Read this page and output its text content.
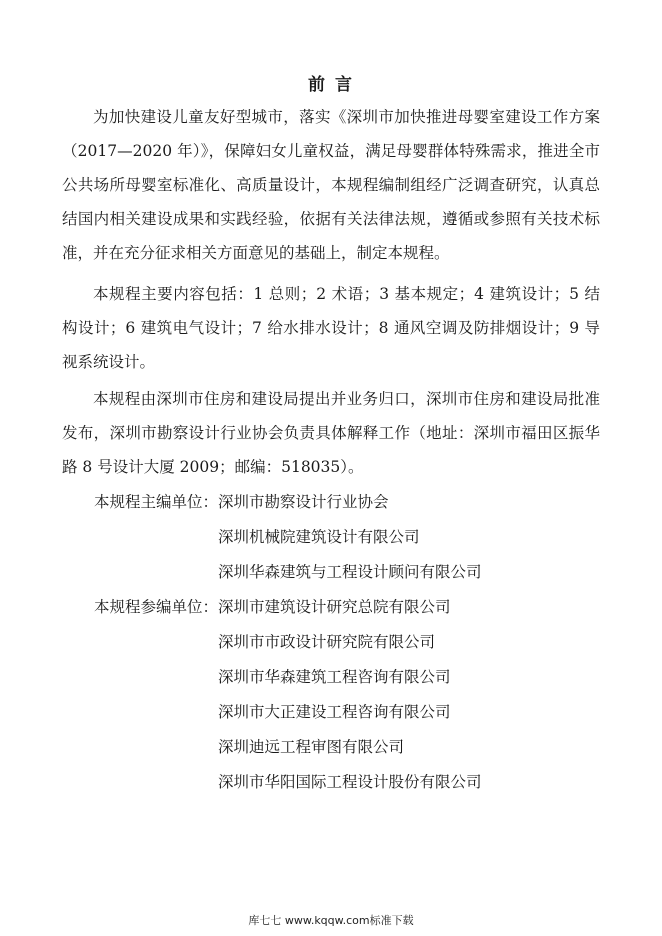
前 言

为加快建设儿童友好型城市，落实《深圳市加快推进母婴室建设工作方案（2017—2020 年）》，保障妇女儿童权益，满足母婴群体特殊需求，推进全市公共场所母婴室标准化、高质量设计，本规程编制组经广泛调查研究，认真总结国内相关建设成果和实践经验，依据有关法律法规，遵循或参照有关技术标准，并在充分征求相关方面意见的基础上，制定本规程。

本规程主要内容包括：1 总则；2 术语；3 基本规定；4 建筑设计；5 结构设计；6 建筑电气设计；7 给水排水设计；8 通风空调及防排烟设计；9 导视系统设计。

本规程由深圳市住房和建设局提出并业务归口，深圳市住房和建设局批准发布，深圳市勘察设计行业协会负责具体解释工作（地址：深圳市福田区振华路 8 号设计大厦 2009；邮编：518035）。

本规程主编单位：深圳市勘察设计行业协会
深圳机械院建筑设计有限公司
深圳华森建筑与工程设计顾问有限公司
本规程参编单位：深圳市建筑设计研究总院有限公司
深圳市市政设计研究院有限公司
深圳市华森建筑工程咨询有限公司
深圳市大正建设工程咨询有限公司
深圳迪远工程审图有限公司
深圳市华阳国际工程设计股份有限公司
库七七 www.kqqw.com标准下载
